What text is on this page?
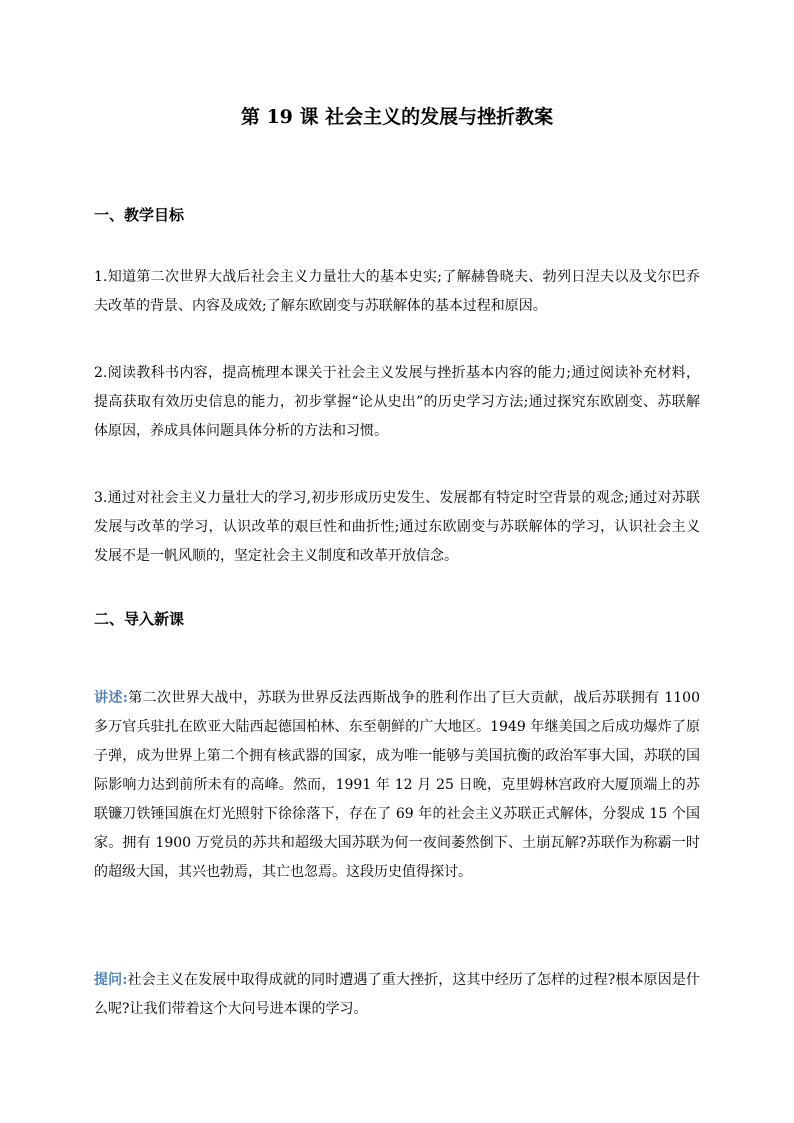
第 19 课 社会主义的发展与挫折教案
一、教学目标

1.知道第二次世界大战后社会主义力量壮大的基本史实;了解赫鲁晓夫、勃列日涅夫以及戈尔巴乔夫改革的背景、内容及成效;了解东欧剧变与苏联解体的基本过程和原因。

2.阅读教科书内容，提高梳理本课关于社会主义发展与挫折基本内容的能力;通过阅读补充材料，提高获取有效历史信息的能力，初步掌握“论从史出”的历史学习方法;通过探究东欧剧变、苏联解体原因，养成具体问题具体分析的方法和习惯。

3.通过对社会主义力量壮大的学习,初步形成历史发生、发展都有特定时空背景的观念;通过对苏联发展与改革的学习，认识改革的艰巨性和曲折性;通过东欧剧变与苏联解体的学习，认识社会主义发展不是一帆风顺的，坚定社会主义制度和改革开放信念。

二、导入新课

讲述:第二次世界大战中，苏联为世界反法西斯战争的胜利作出了巨大贡献，战后苏联拥有 1100 多万官兵驻扎在欧亚大陆西起德国柏林、东至朝鲜的广大地区。1949 年继美国之后成功爆炸了原子弹，成为世界上第二个拥有核武器的国家，成为唯一能够与美国抗衡的政治军事大国，苏联的国际影响力达到前所未有的高峰。然而，1991 年 12 月 25 日晚，克里姆林宫政府大厦顶端上的苏联镰刀铁锤国旗在灯光照射下徐徐落下，存在了 69 年的社会主义苏联正式解体，分裂成 15 个国家。拥有 1900 万党员的苏共和超级大国苏联为何一夜间萎然倒下、土崩瓦解?苏联作为称霸一时的超级大国，其兴也勃焉，其亡也忽焉。这段历史值得探讨。

提问:社会主义在发展中取得成就的同时遭遇了重大挫折，这其中经历了怎样的过程?根本原因是什么呢?让我们带着这个大问号进本课的学习。
